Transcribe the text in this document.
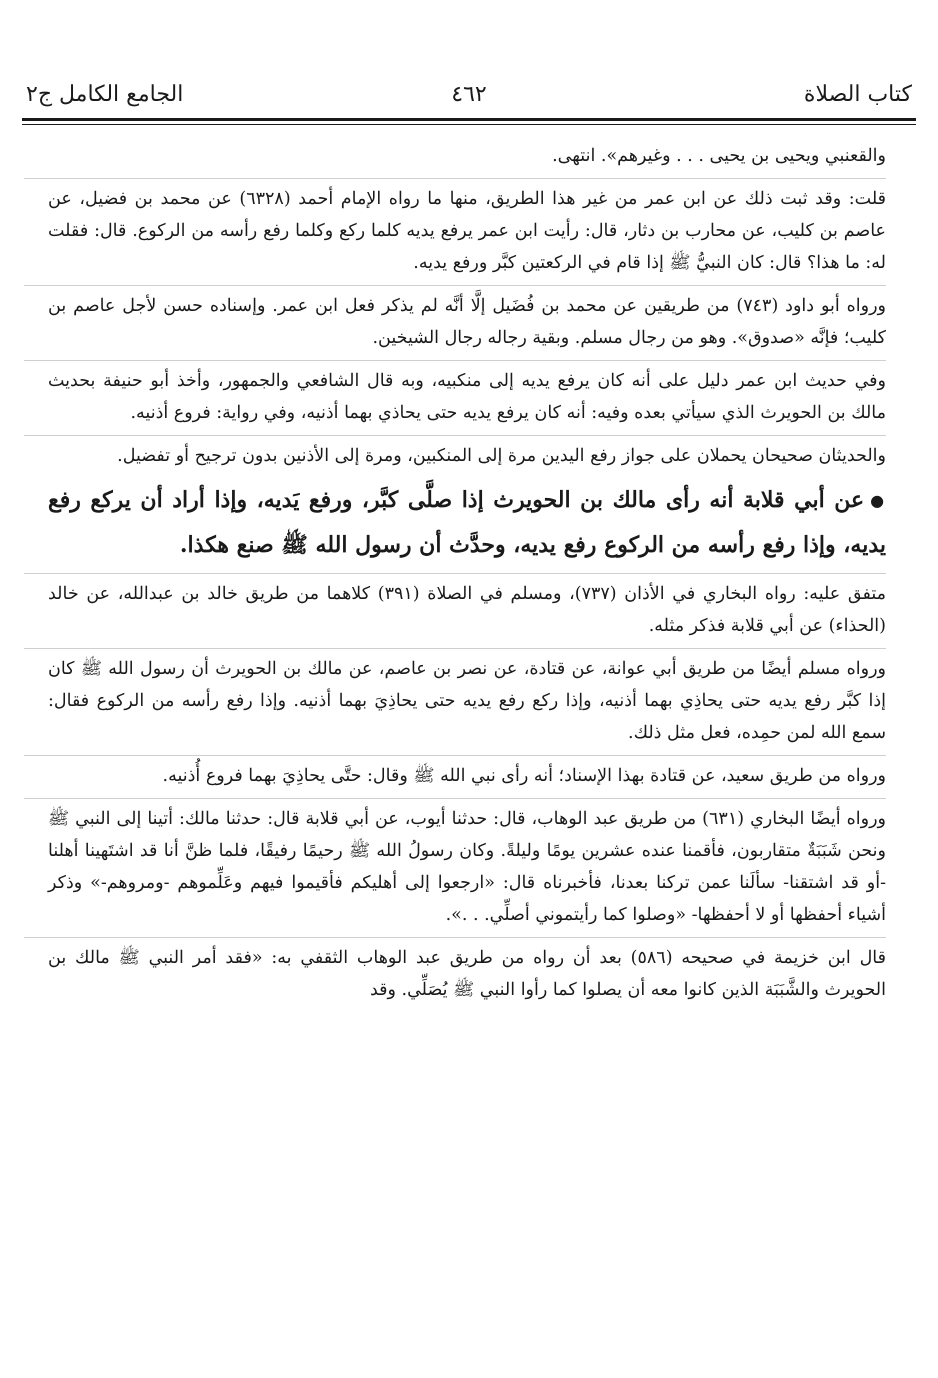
كتاب الصلاة
٤٦٢
الجامع الكامل ج٢

والقعنبي ويحيى بن يحيى . . . وغيرهم». انتهى.

قلت: وقد ثبت ذلك عن ابن عمر من غير هذا الطريق، منها ما رواه الإمام أحمد (٦٣٢٨) عن محمد بن فضيل، عن عاصم بن كليب، عن محارب بن دثار، قال: رأيت ابن عمر يرفع يديه كلما ركع وكلما رفع رأسه من الركوع. قال: فقلت له: ما هذا؟ قال: كان النبيُّ ﷺ إذا قام في الركعتين كبَّر ورفع يديه.

ورواه أبو داود (٧٤٣) من طريقين عن محمد بن فُضَيل إلَّا أنَّه لم يذكر فعل ابن عمر. وإسناده حسن لأجل عاصم بن كليب؛ فإنَّه «صدوق». وهو من رجال مسلم. وبقية رجاله رجال الشيخين.

وفي حديث ابن عمر دليل على أنه كان يرفع يديه إلى منكبيه، وبه قال الشافعي والجمهور، وأخذ أبو حنيفة بحديث مالك بن الحويرث الذي سيأتي بعده وفيه: أنه كان يرفع يديه حتى يحاذي بهما أذنيه، وفي رواية: فروع أذنيه.

والحديثان صحيحان يحملان على جواز رفع اليدين مرة إلى المنكبين، ومرة إلى الأذنين بدون ترجيح أو تفضيل.

●عن أبي قلابة أنه رأى مالك بن الحويرث إذا صلَّى كبَّر، ورفع يَديه، وإذا أراد أن يركع رفع يديه، وإذا رفع رأسه من الركوع رفع يديه، وحدَّث أن رسول الله ﷺ صنع هكذا.

متفق عليه: رواه البخاري في الأذان (٧٣٧)، ومسلم في الصلاة (٣٩١) كلاهما من طريق خالد بن عبدالله، عن خالد (الحذاء) عن أبي قلابة فذكر مثله.

ورواه مسلم أيضًا من طريق أبي عوانة، عن قتادة، عن نصر بن عاصم، عن مالك بن الحويرث أن رسول الله ﷺ كان إذا كبَّر رفع يديه حتى يحاذِي بهما أذنيه، وإذا ركع رفع يديه حتى يحاذِيَ بهما أذنيه. وإذا رفع رأسه من الركوع فقال: سمع الله لمن حمِده، فعل مثل ذلك.

ورواه من طريق سعيد، عن قتادة بهذا الإسناد؛ أنه رأى نبي الله ﷺ وقال: حتَّى يحاذِيَ بهما فروع أُذنيه.

ورواه أيضًا البخاري (٦٣١) من طريق عبد الوهاب، قال: حدثنا أيوب، عن أبي قلابة قال: حدثنا مالك: أتينا إلى النبي ﷺ ونحن شَبَبَةٌ متقاربون، فأقمنا عنده عشرين يومًا وليلةً. وكان رسولُ الله ﷺ رحيمًا رفيقًا، فلما ظنَّ أنا قد اشتَهينا أهلنا -أو قد اشتقنا- سألَنا عمن تركنا بعدنا، فأخبرناه قال: «ارجعوا إلى أهليكم فأقيموا فيهم وعَلِّموهم -ومروهم-» وذكر أشياء أحفظها أو لا أحفظها- «وصلوا كما رأيتموني أصلِّي. . .».

قال ابن خزيمة في صحيحه (٥٨٦) بعد أن رواه من طريق عبد الوهاب الثقفي به: «فقد أمر النبي ﷺ مالك بن الحويرث والشَّبَبَة الذين كانوا معه أن يصلوا كما رأوا النبي ﷺ يُصَلِّي. وقد
